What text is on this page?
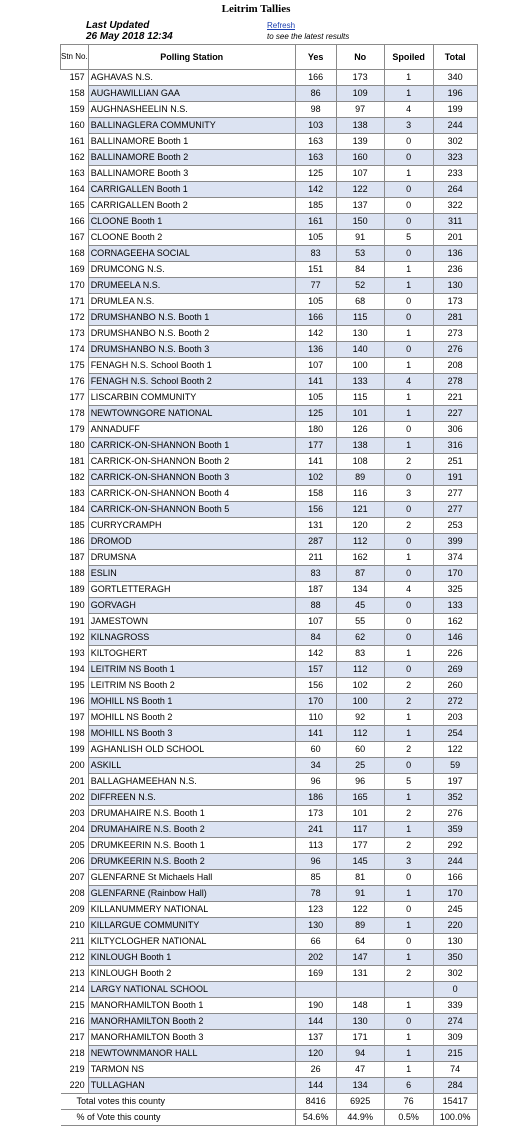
Leitrim Tallies
Last Updated
26 May 2018 12:34
Refresh
to see the latest results
Stn No.	Polling Station	Yes	No	Spoiled	Total
157	AGHAVAS N.S.	166	173	1	340
158	AUGHAWILLIAN GAA	86	109	1	196
159	AUGHNASHEELIN N.S.	98	97	4	199
160	BALLINAGLERA COMMUNITY	103	138	3	244
161	BALLINAMORE Booth 1	163	139	0	302
162	BALLINAMORE Booth 2	163	160	0	323
163	BALLINAMORE Booth 3	125	107	1	233
164	CARRIGALLEN Booth 1	142	122	0	264
165	CARRIGALLEN Booth 2	185	137	0	322
166	CLOONE Booth 1	161	150	0	311
167	CLOONE Booth 2	105	91	5	201
168	CORNAGEEHA SOCIAL	83	53	0	136
169	DRUMCONG N.S.	151	84	1	236
170	DRUMEELA N.S.	77	52	1	130
171	DRUMLEA N.S.	105	68	0	173
172	DRUMSHANBO N.S. Booth 1	166	115	0	281
173	DRUMSHANBO N.S. Booth 2	142	130	1	273
174	DRUMSHANBO N.S. Booth 3	136	140	0	276
175	FENAGH N.S. School Booth 1	107	100	1	208
176	FENAGH N.S. School Booth 2	141	133	4	278
177	LISCARBIN COMMUNITY	105	115	1	221
178	NEWTOWNGORE NATIONAL	125	101	1	227
179	ANNADUFF	180	126	0	306
180	CARRICK-ON-SHANNON Booth 1	177	138	1	316
181	CARRICK-ON-SHANNON Booth 2	141	108	2	251
182	CARRICK-ON-SHANNON Booth 3	102	89	0	191
183	CARRICK-ON-SHANNON Booth 4	158	116	3	277
184	CARRICK-ON-SHANNON Booth 5	156	121	0	277
185	CURRYCRAMPH	131	120	2	253
186	DROMOD	287	112	0	399
187	DRUMSNA	211	162	1	374
188	ESLIN	83	87	0	170
189	GORTLETTERAGH	187	134	4	325
190	GORVAGH	88	45	0	133
191	JAMESTOWN	107	55	0	162
192	KILNAGROSS	84	62	0	146
193	KILTOGHERT	142	83	1	226
194	LEITRIM NS Booth 1	157	112	0	269
195	LEITRIM NS Booth 2	156	102	2	260
196	MOHILL NS Booth 1	170	100	2	272
197	MOHILL NS Booth 2	110	92	1	203
198	MOHILL NS Booth 3	141	112	1	254
199	AGHANLISH OLD SCHOOL	60	60	2	122
200	ASKILL	34	25	0	59
201	BALLAGHAMEEHAN N.S.	96	96	5	197
202	DIFFREEN N.S.	186	165	1	352
203	DRUMAHAIRE N.S. Booth 1	173	101	2	276
204	DRUMAHAIRE N.S. Booth 2	241	117	1	359
205	DRUMKEERIN N.S. Booth 1	113	177	2	292
206	DRUMKEERIN N.S. Booth 2	96	145	3	244
207	GLENFARNE St Michaels Hall	85	81	0	166
208	GLENFARNE (Rainbow Hall)	78	91	1	170
209	KILLANUMMERY NATIONAL	123	122	0	245
210	KILLARGUE COMMUNITY	130	89	1	220
211	KILTYCLOGHER NATIONAL	66	64	0	130
212	KINLOUGH Booth 1	202	147	1	350
213	KINLOUGH Booth 2	169	131	2	302
214	LARGY NATIONAL SCHOOL				0
215	MANORHAMILTON Booth 1	190	148	1	339
216	MANORHAMILTON Booth 2	144	130	0	274
217	MANORHAMILTON Booth 3	137	171	1	309
218	NEWTOWNMANOR HALL	120	94	1	215
219	TARMON NS	26	47	1	74
220	TULLAGHAN	144	134	6	284
Total votes this county		8416	6925	76	15417
% of Vote this county		54.6%	44.9%	0.5%	100.0%
